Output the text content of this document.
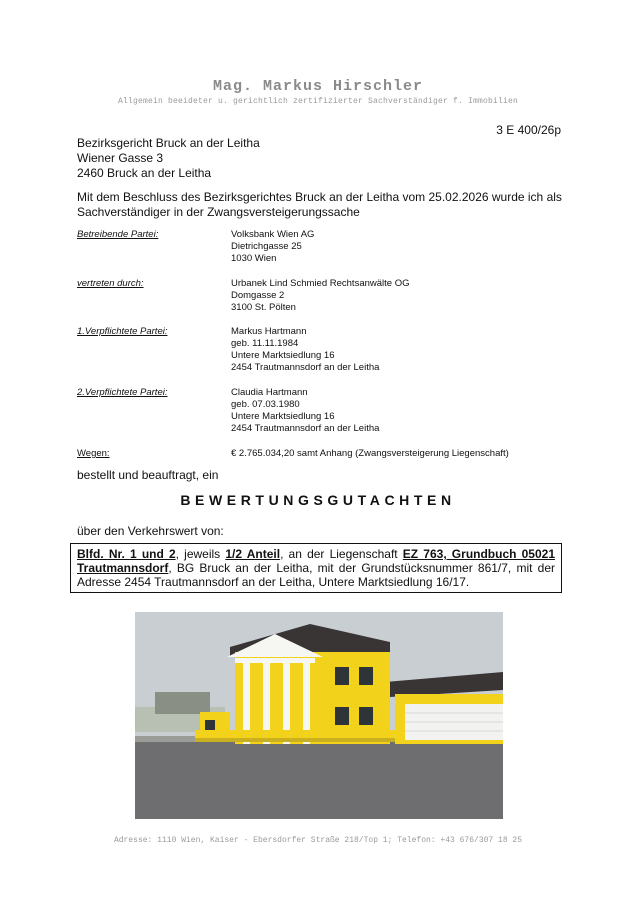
Mag. Markus Hirschler
Allgemein beeideter u. gerichtlich zertifizierter Sachverständiger f. Immobilien
3 E 400/26p
Bezirksgericht Bruck an der Leitha
Wiener Gasse 3
2460 Bruck an der Leitha
Mit dem Beschluss des Bezirksgerichtes Bruck an der Leitha vom 25.02.2026 wurde ich als Sachverständiger in der Zwangsversteigerungssache
Betreibende Partei:	Volksbank Wien AG
Dietrichgasse 25
1030 Wien
vertreten durch:	Urbanek Lind Schmied Rechtsanwälte OG
Domgasse 2
3100 St. Pölten
1.Verpflichtete Partei:	Markus Hartmann
geb. 11.11.1984
Untere Marktsiedlung 16
2454 Trautmannsdorf an der Leitha
2.Verpflichtete Partei:	Claudia Hartmann
geb. 07.03.1980
Untere Marktsiedlung 16
2454 Trautmannsdorf an der Leitha
Wegen:	€ 2.765.034,20 samt Anhang (Zwangsversteigerung Liegenschaft)
bestellt und beauftragt, ein
BEWERTUNGSGUTACHTEN
über den Verkehrswert von:
Blfd. Nr. 1 und 2, jeweils 1/2 Anteil, an der Liegenschaft EZ 763, Grundbuch 05021 Trautmannsdorf, BG Bruck an der Leitha, mit der Grundstücksnummer 861/7, mit der Adresse 2454 Trautmannsdorf an der Leitha, Untere Marktsiedlung 16/17.
Adresse: 1110 Wien, Kaiser - Ebersdorfer Straße 218/Top 1; Telefon: +43 676/307 18 25
